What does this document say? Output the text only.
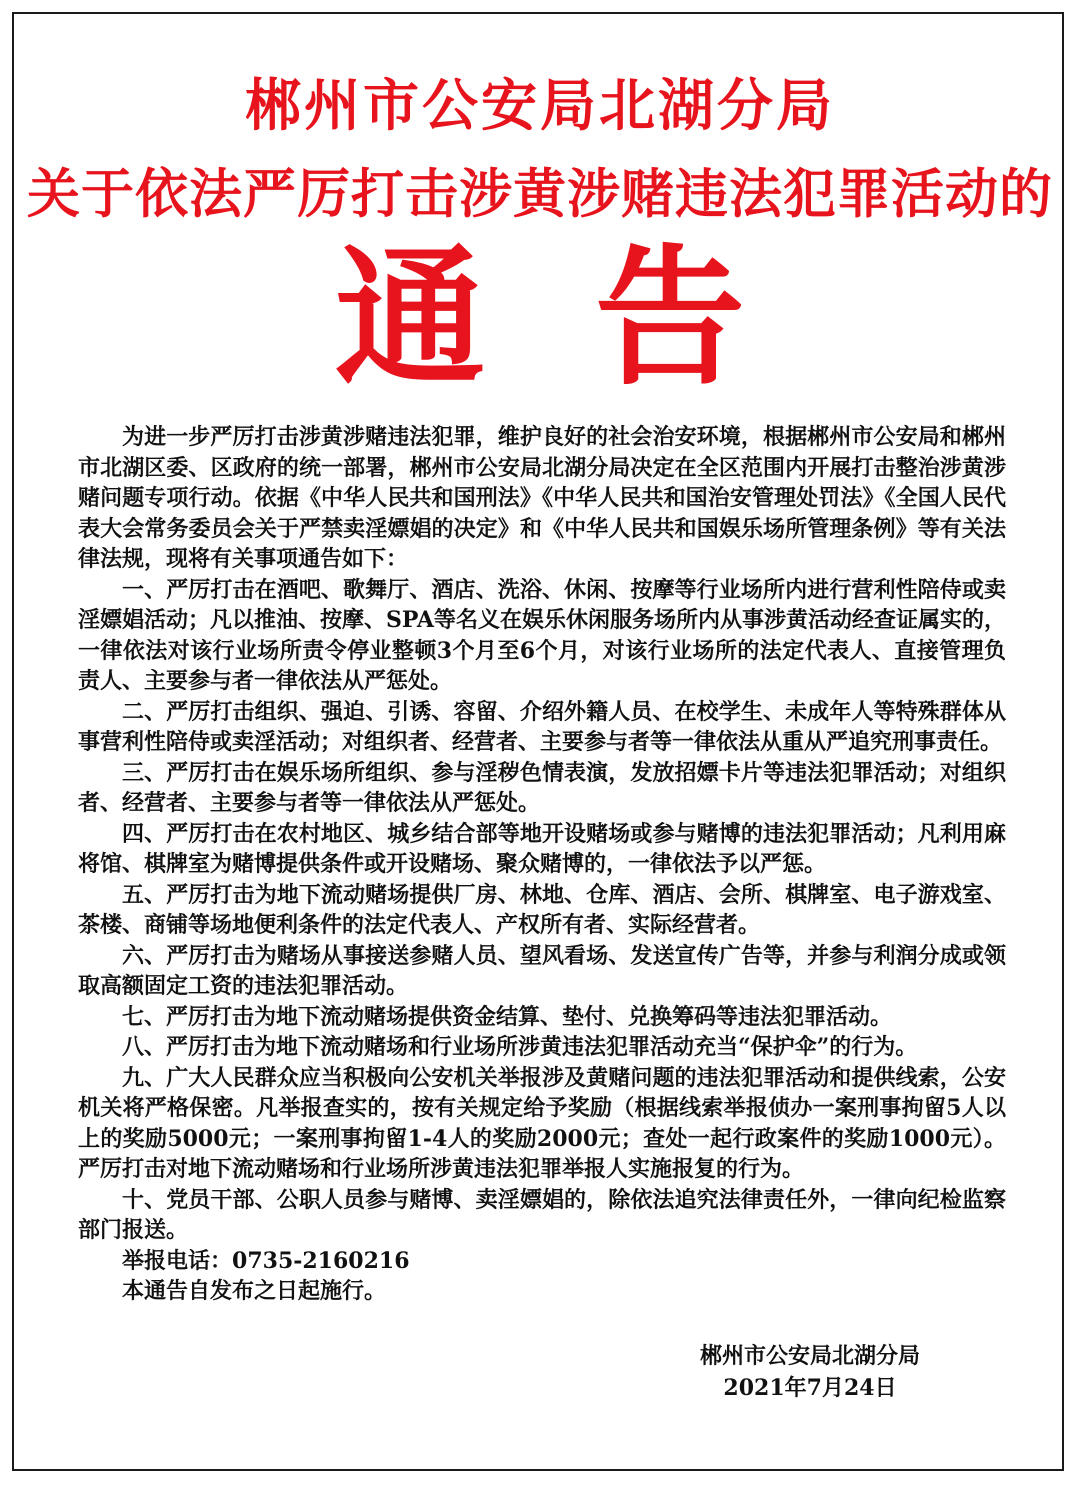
郴州市公安局北湖分局
关于依法严厉打击涉黄涉赌违法犯罪活动的
通 告

为进一步严厉打击涉黄涉赌违法犯罪，维护良好的社会治安环境，根据郴州市公安局和郴州市北湖区委、区政府的统一部署，郴州市公安局北湖分局决定在全区范围内开展打击整治涉黄涉赌问题专项行动。依据《中华人民共和国刑法》《中华人民共和国治安管理处罚法》《全国人民代表大会常务委员会关于严禁卖淫嫖娼的决定》和《中华人民共和国娱乐场所管理条例》等有关法律法规，现将有关事项通告如下：

一、严厉打击在酒吧、歌舞厅、酒店、洗浴、休闲、按摩等行业场所内进行营利性陪侍或卖淫嫖娼活动；凡以推油、按摩、SPA等名义在娱乐休闲服务场所内从事涉黄活动经查证属实的，一律依法对该行业场所责令停业整顿3个月至6个月，对该行业场所的法定代表人、直接管理负责人、主要参与者一律依法从严惩处。

二、严厉打击组织、强迫、引诱、容留、介绍外籍人员、在校学生、未成年人等特殊群体从事营利性陪侍或卖淫活动；对组织者、经营者、主要参与者等一律依法从重从严追究刑事责任。

三、严厉打击在娱乐场所组织、参与淫秽色情表演，发放招嫖卡片等违法犯罪活动；对组织者、经营者、主要参与者等一律依法从严惩处。

四、严厉打击在农村地区、城乡结合部等地开设赌场或参与赌博的违法犯罪活动；凡利用麻将馆、棋牌室为赌博提供条件或开设赌场、聚众赌博的，一律依法予以严惩。

五、严厉打击为地下流动赌场提供厂房、林地、仓库、酒店、会所、棋牌室、电子游戏室、茶楼、商铺等场地便利条件的法定代表人、产权所有者、实际经营者。

六、严厉打击为赌场从事接送参赌人员、望风看场、发送宣传广告等，并参与利润分成或领取高额固定工资的违法犯罪活动。

七、严厉打击为地下流动赌场提供资金结算、垫付、兑换筹码等违法犯罪活动。

八、严厉打击为地下流动赌场和行业场所涉黄违法犯罪活动充当“保护伞”的行为。

九、广大人民群众应当积极向公安机关举报涉及黄赌问题的违法犯罪活动和提供线索，公安机关将严格保密。凡举报查实的，按有关规定给予奖励（根据线索举报侦办一案刑事拘留5人以上的奖励5000元；一案刑事拘留1-4人的奖励2000元；查处一起行政案件的奖励1000元）。严厉打击对地下流动赌场和行业场所涉黄违法犯罪举报人实施报复的行为。

十、党员干部、公职人员参与赌博、卖淫嫖娼的，除依法追究法律责任外，一律向纪检监察部门报送。

举报电话：0735-2160216

本通告自发布之日起施行。

郴州市公安局北湖分局
2021年7月24日
